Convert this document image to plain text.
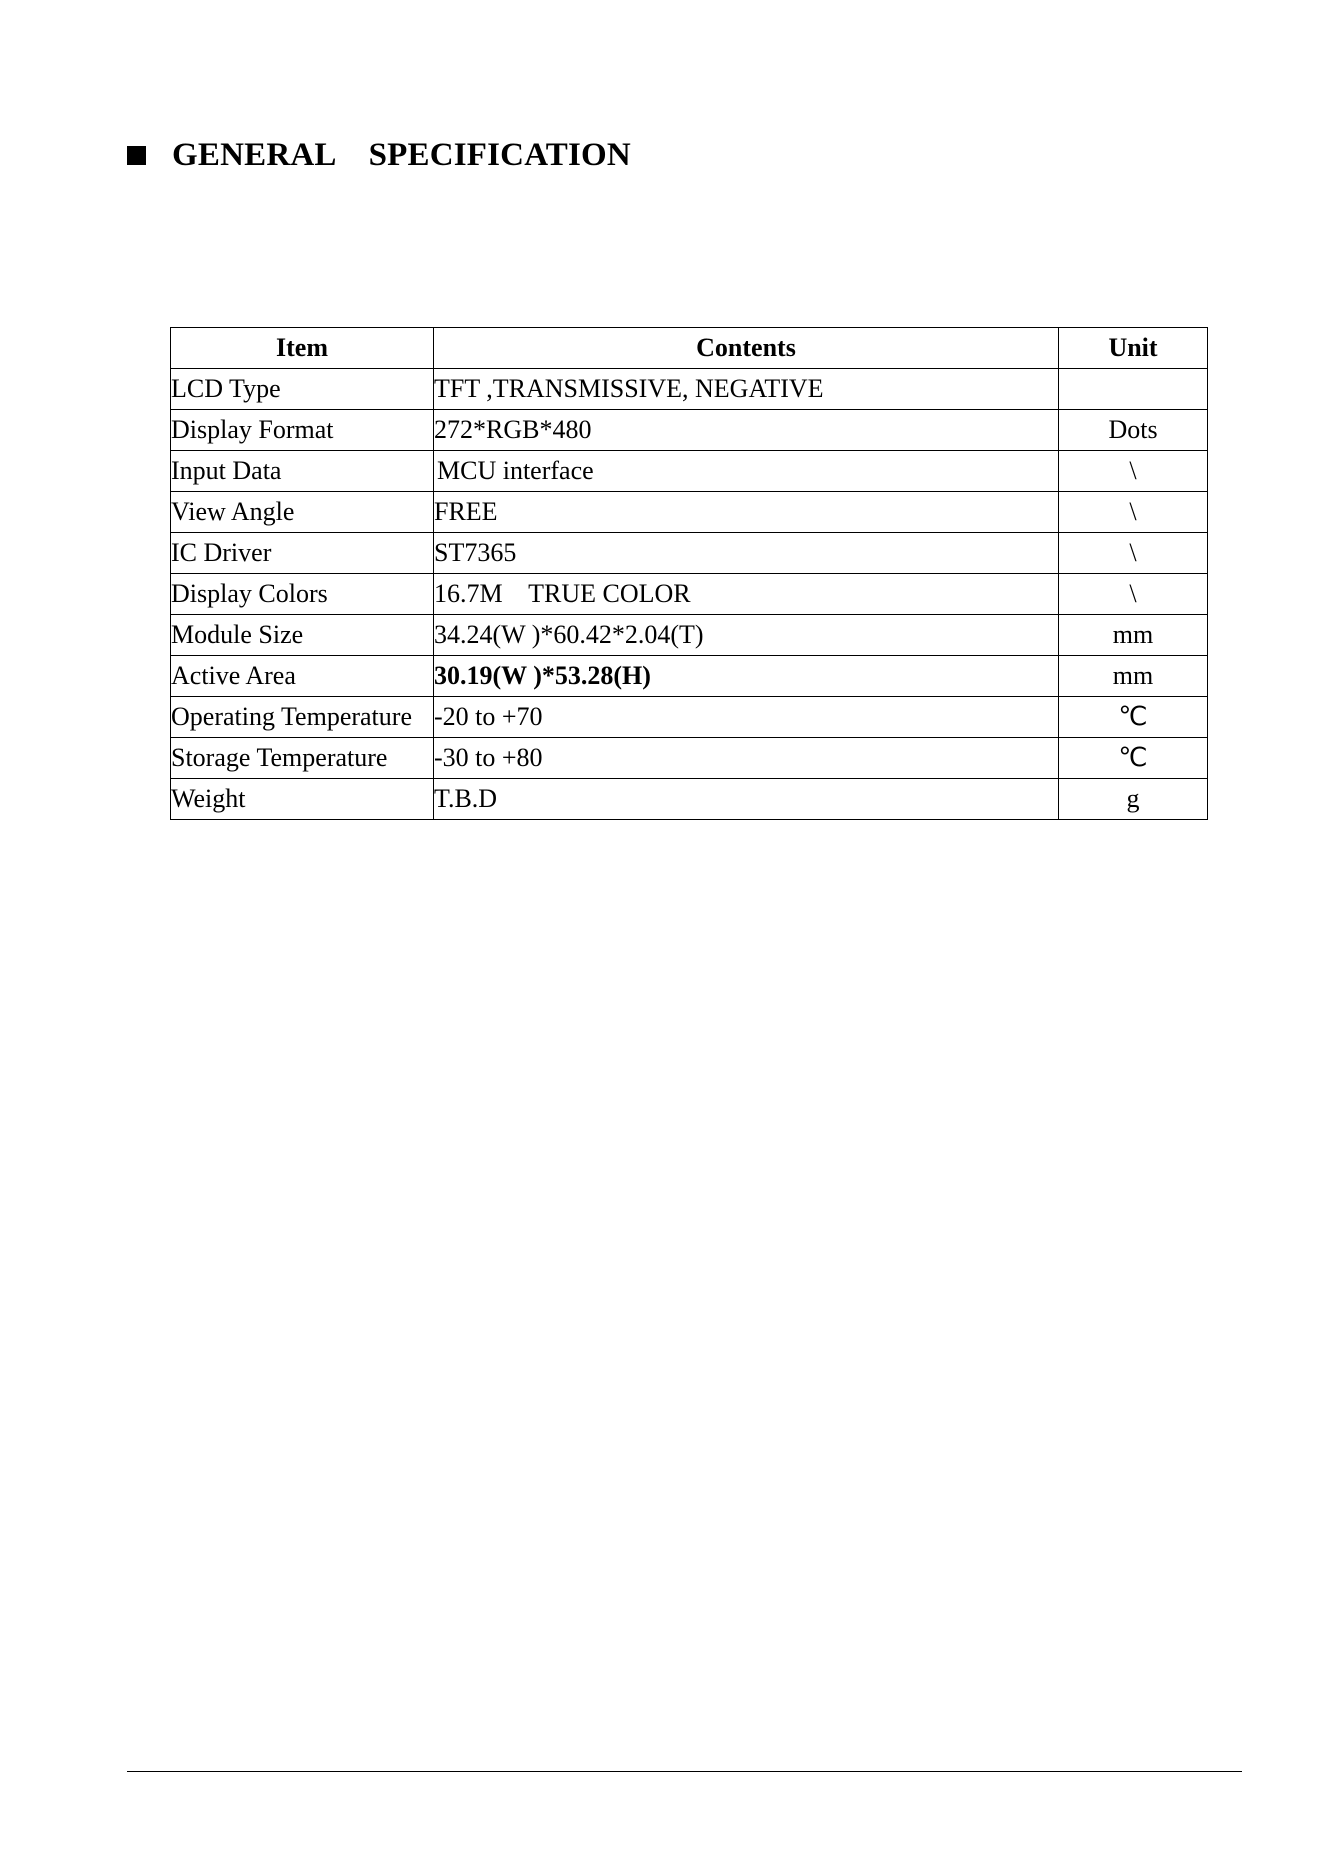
GENERAL    SPECIFICATION
Item	Contents	Unit
LCD Type	TFT ,TRANSMISSIVE, NEGATIVE	
Display Format	272*RGB*480	Dots
Input Data	MCU interface	\
View Angle	FREE	\
IC Driver	ST7365	\
Display Colors	16.7M    TRUE COLOR	\
Module Size	34.24(W )*60.42*2.04(T)	mm
Active Area	30.19(W )*53.28(H)	mm
Operating Temperature	-20 to +70	℃
Storage Temperature	-30 to +80	℃
Weight	T.B.D	g
